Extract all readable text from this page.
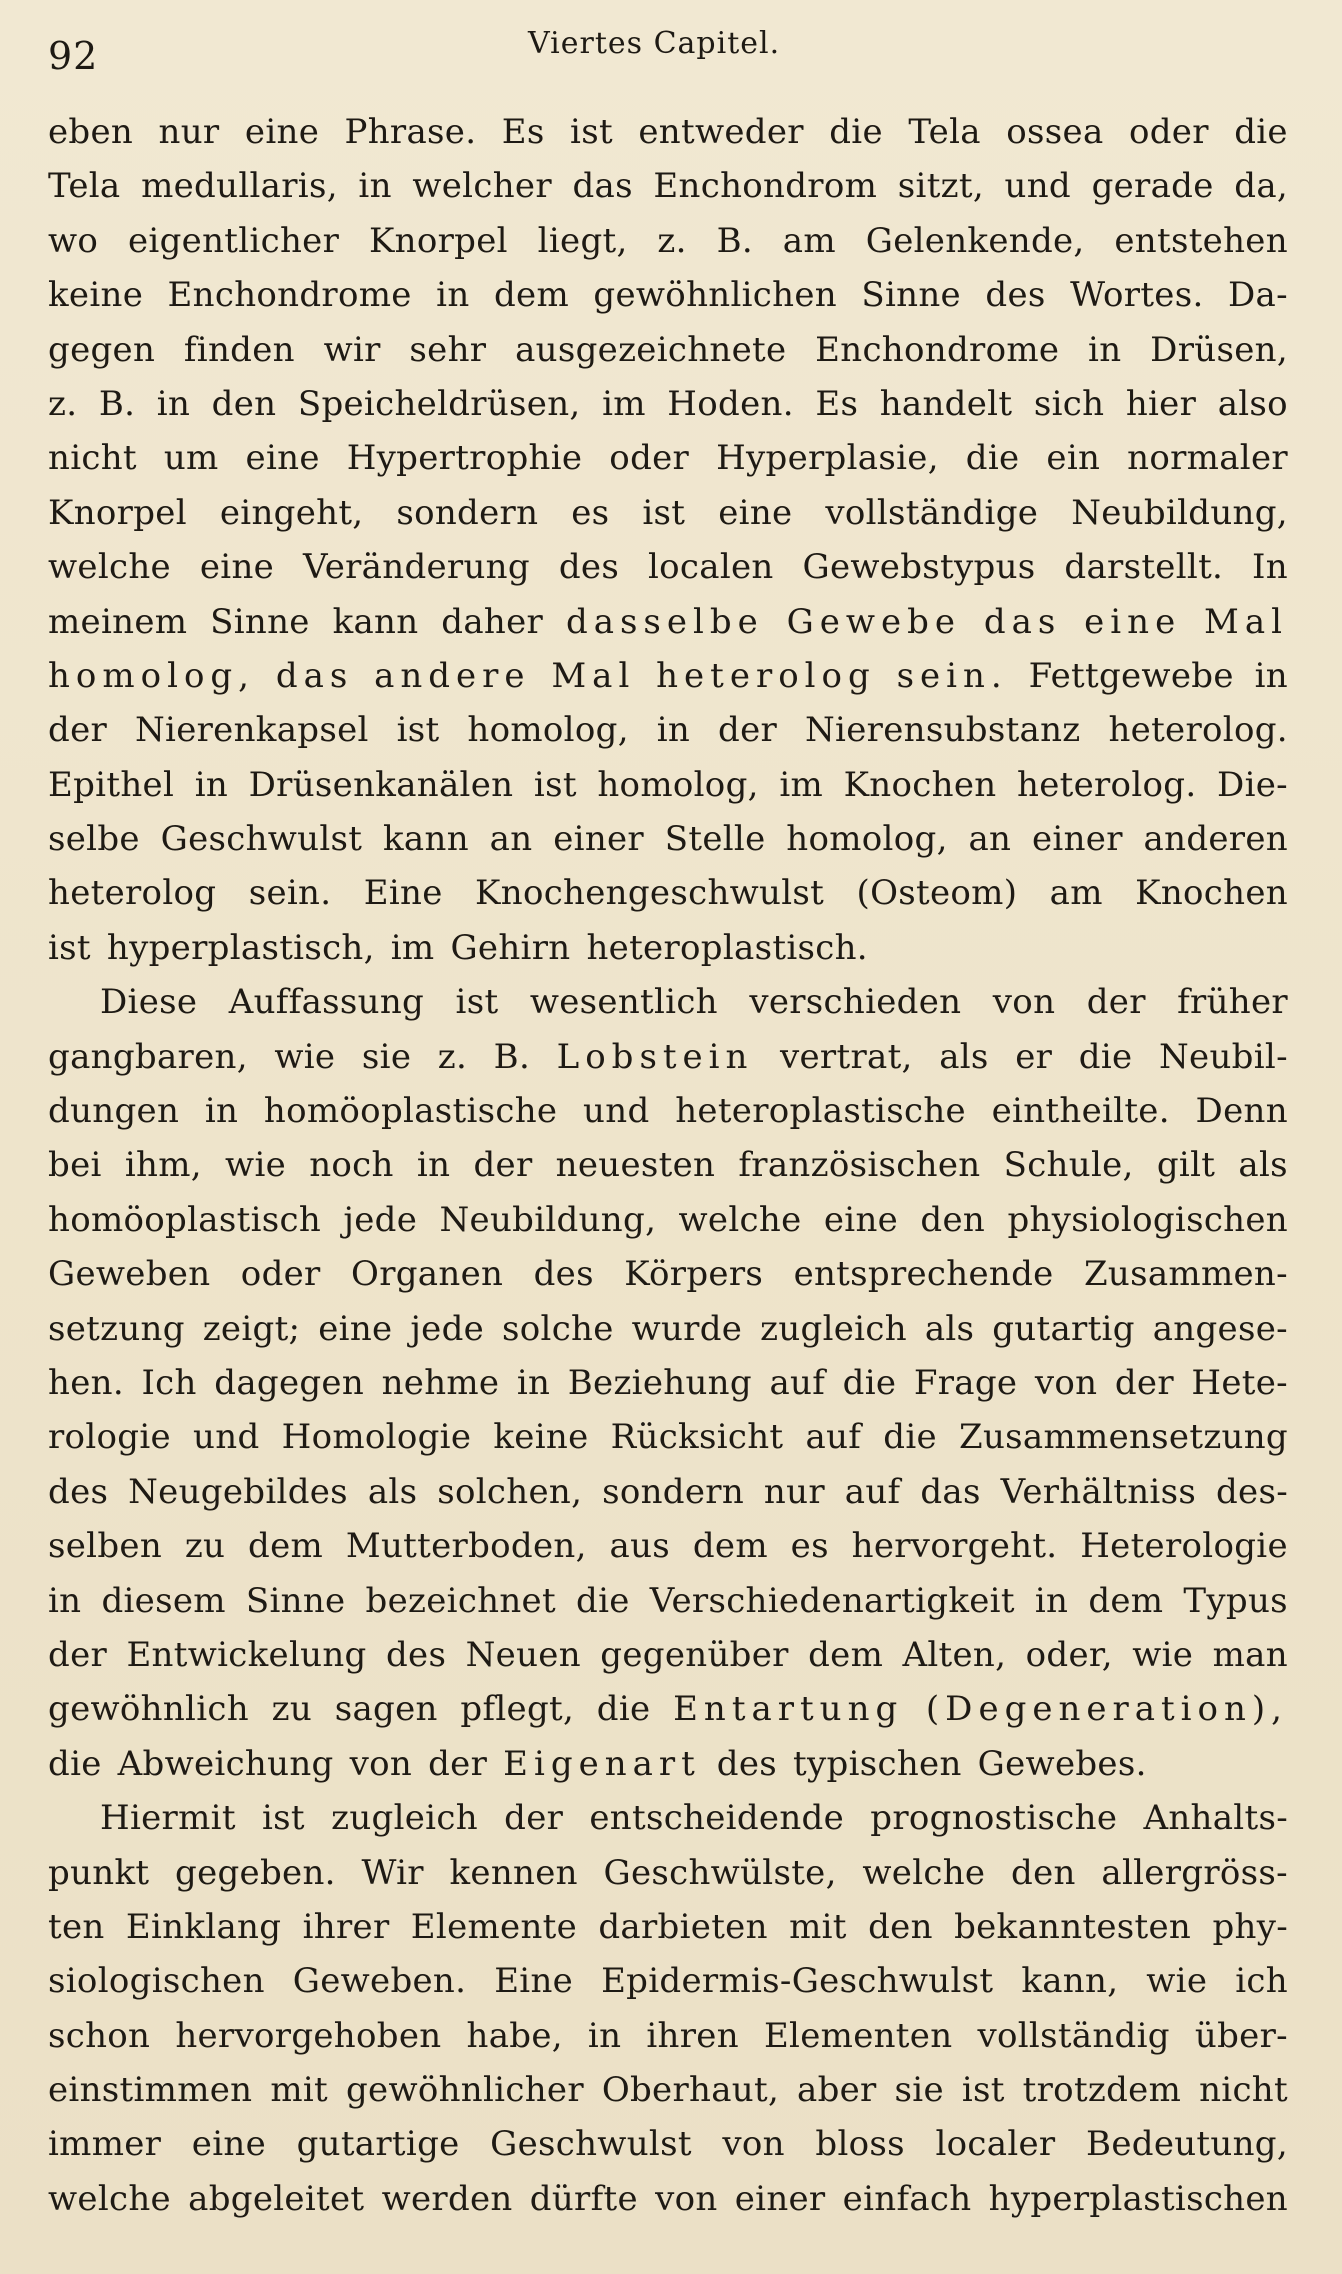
92	Viertes Capitel.
eben nur eine Phrase. Es ist entweder die Tela ossea oder die
Tela medullaris, in welcher das Enchondrom sitzt, und gerade da,
wo eigentlicher Knorpel liegt, z. B. am Gelenkende, entstehen
keine Enchondrome in dem gewöhnlichen Sinne des Wortes. Da-
gegen finden wir sehr ausgezeichnete Enchondrome in Drüsen,
z. B. in den Speicheldrüsen, im Hoden. Es handelt sich hier also
nicht um eine Hypertrophie oder Hyperplasie, die ein normaler
Knorpel eingeht, sondern es ist eine vollständige Neubildung,
welche eine Veränderung des localen Gewebstypus darstellt. In
meinem Sinne kann daher dasselbe Gewebe das eine Mal
homolog, das andere Mal heterolog sein. Fettgewebe in
der Nierenkapsel ist homolog, in der Nierensubstanz heterolog.
Epithel in Drüsenkanälen ist homolog, im Knochen heterolog. Die-
selbe Geschwulst kann an einer Stelle homolog, an einer anderen
heterolog sein. Eine Knochengeschwulst (Osteom) am Knochen
ist hyperplastisch, im Gehirn heteroplastisch.
Diese Auffassung ist wesentlich verschieden von der früher
gangbaren, wie sie z. B. Lobstein vertrat, als er die Neubil-
dungen in homöoplastische und heteroplastische eintheilte. Denn
bei ihm, wie noch in der neuesten französischen Schule, gilt als
homöoplastisch jede Neubildung, welche eine den physiologischen
Geweben oder Organen des Körpers entsprechende Zusammen-
setzung zeigt; eine jede solche wurde zugleich als gutartig angese-
hen. Ich dagegen nehme in Beziehung auf die Frage von der Hete-
rologie und Homologie keine Rücksicht auf die Zusammensetzung
des Neugebildes als solchen, sondern nur auf das Verhältniss des-
selben zu dem Mutterboden, aus dem es hervorgeht. Heterologie
in diesem Sinne bezeichnet die Verschiedenartigkeit in dem Typus
der Entwickelung des Neuen gegenüber dem Alten, oder, wie man
gewöhnlich zu sagen pflegt, die Entartung (Degeneration),
die Abweichung von der Eigenart des typischen Gewebes.
Hiermit ist zugleich der entscheidende prognostische Anhalts-
punkt gegeben. Wir kennen Geschwülste, welche den allergröss-
ten Einklang ihrer Elemente darbieten mit den bekanntesten phy-
siologischen Geweben. Eine Epidermis-Geschwulst kann, wie ich
schon hervorgehoben habe, in ihren Elementen vollständig über-
einstimmen mit gewöhnlicher Oberhaut, aber sie ist trotzdem nicht
immer eine gutartige Geschwulst von bloss localer Bedeutung,
welche abgeleitet werden dürfte von einer einfach hyperplastischen
